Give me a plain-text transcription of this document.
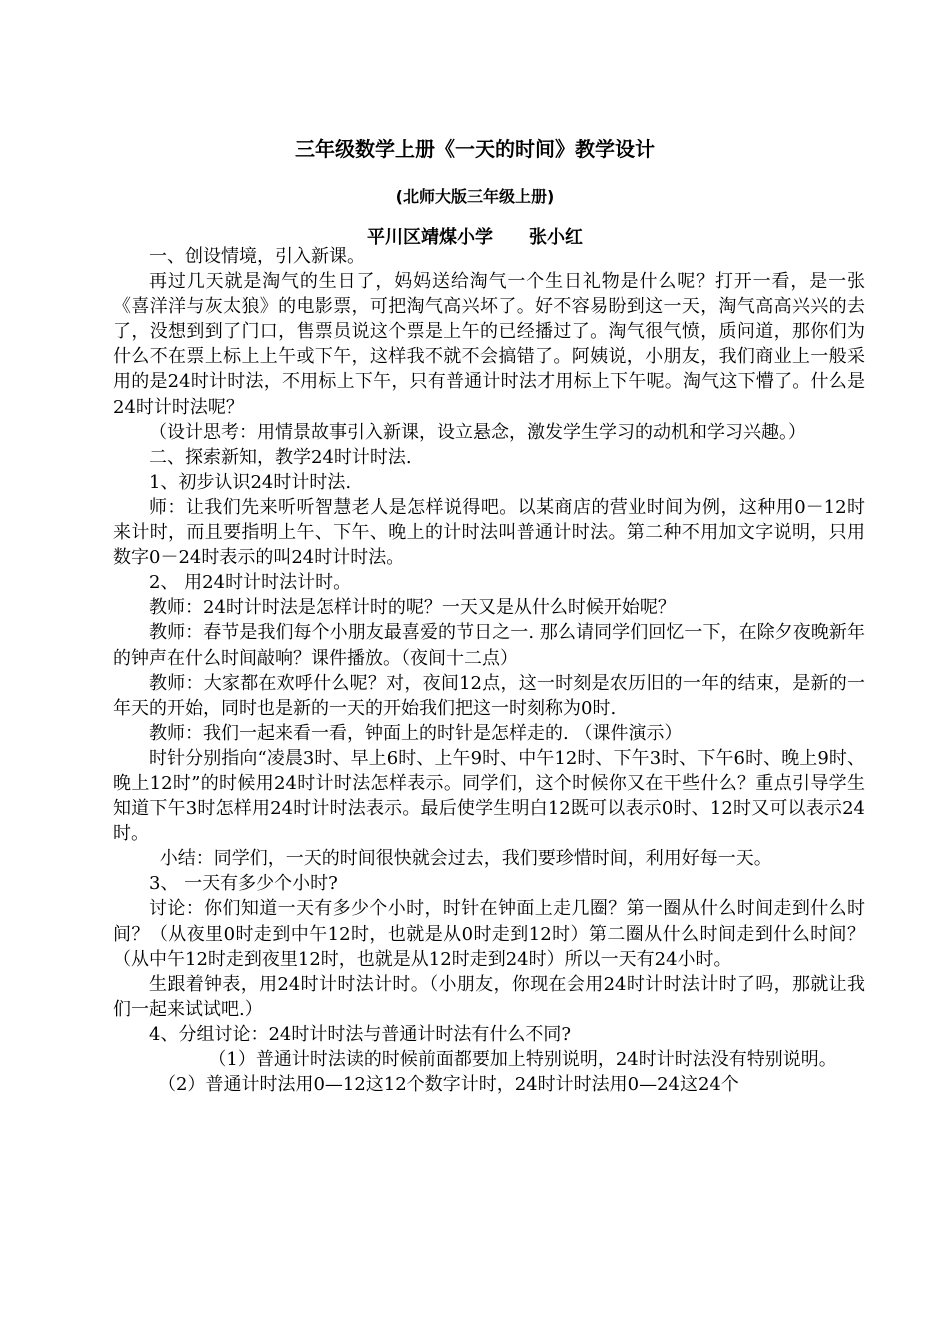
三年级数学上册《一天的时间》教学设计
(北师大版三年级上册)
平川区靖煤小学　　张小红

一、创设情境，引入新课。

再过几天就是淘气的生日了，妈妈送给淘气一个生日礼物是什么呢？打开一看，是一张《喜洋洋与灰太狼》的电影票，可把淘气高兴坏了。好不容易盼到这一天，淘气高高兴兴的去了，没想到到了门口，售票员说这个票是上午的已经播过了。淘气很气愤，质问道，那你们为什么不在票上标上上午或下午，这样我不就不会搞错了。阿姨说，小朋友，我们商业上一般采用的是24时计时法，不用标上下午，只有普通计时法才用标上下午呢。淘气这下懵了。什么是24时计时法呢？

（设计思考：用情景故事引入新课，设立悬念，激发学生学习的动机和学习兴趣。）

二、探索新知，教学24时计时法.

1、初步认识24时计时法.

师：让我们先来听听智慧老人是怎样说得吧。以某商店的营业时间为例，这种用0－12时来计时，而且要指明上午、下午、晚上的计时法叫普通计时法。第二种不用加文字说明，只用数字0－24时表示的叫24时计时法。

2、 用24时计时法计时。

教师：24时计时法是怎样计时的呢？一天又是从什么时候开始呢？

教师：春节是我们每个小朋友最喜爱的节日之一. 那么请同学们回忆一下，在除夕夜晚新年的钟声在什么时间敲响？课件播放。（夜间十二点）

教师：大家都在欢呼什么呢？对，夜间12点，这一时刻是农历旧的一年的结束，是新的一年天的开始，同时也是新的一天的开始我们把这一时刻称为0时.

教师：我们一起来看一看，钟面上的时针是怎样走的. （课件演示）

时针分别指向“凌晨3时、早上6时、上午9时、中午12时、下午3时、下午6时、晚上9时、晚上12时”的时候用24时计时法怎样表示。同学们，这个时候你又在干些什么？重点引导学生知道下午3时怎样用24时计时法表示。最后使学生明白12既可以表示0时、12时又可以表示24时。

小结：同学们，一天的时间很快就会过去，我们要珍惜时间，利用好每一天。

3、 一天有多少个小时?

讨论：你们知道一天有多少个小时，时针在钟面上走几圈？第一圈从什么时间走到什么时间？（从夜里0时走到中午12时，也就是从0时走到12时）第二圈从什么时间走到什么时间？（从中午12时走到夜里12时，也就是从12时走到24时）所以一天有24小时。

生跟着钟表，用24时计时法计时。（小朋友，你现在会用24时计时法计时了吗，那就让我们一起来试试吧.）

4、分组讨论：24时计时法与普通计时法有什么不同?

（1）普通计时法读的时候前面都要加上特别说明，24时计时法没有特别说明。

（2）普通计时法用0—12这12个数字计时，24时计时法用0—24这24个
